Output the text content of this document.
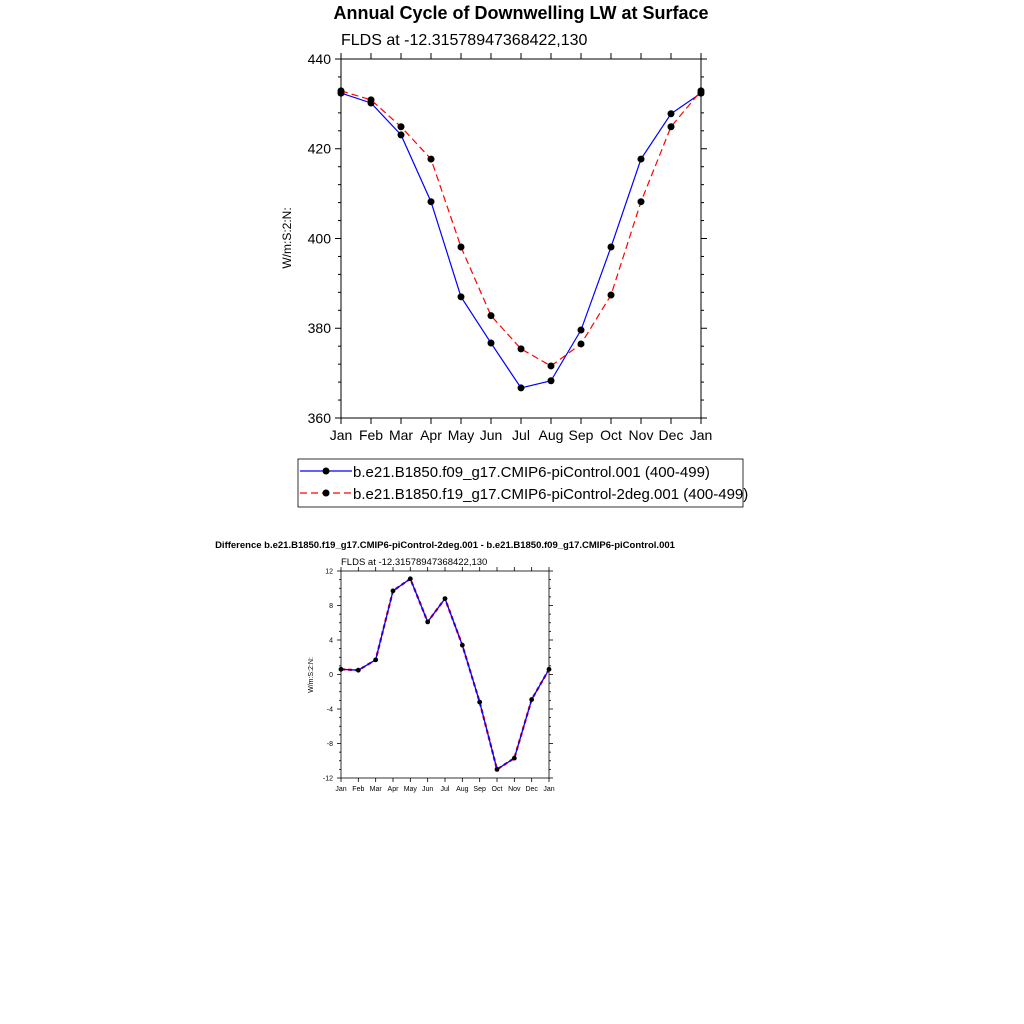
Annual Cycle of Downwelling LW at Surface
FLDS at -12.31578947368422,130
W/m:S:2:N:
360
380
400
420
440
Jan Feb Mar Apr May Jun Jul Aug Sep Oct Nov Dec Jan
b.e21.B1850.f09_g17.CMIP6-piControl.001 (400-499)
b.e21.B1850.f19_g17.CMIP6-piControl-2deg.001 (400-499)
Difference b.e21.B1850.f19_g17.CMIP6-piControl-2deg.001 - b.e21.B1850.f09_g17.CMIP6-piControl.001
FLDS at -12.31578947368422,130
W/m:S:2:N:
-12
-8
-4
0
4
8
12
Jan Feb Mar Apr May Jun Jul Aug Sep Oct Nov Dec Jan
